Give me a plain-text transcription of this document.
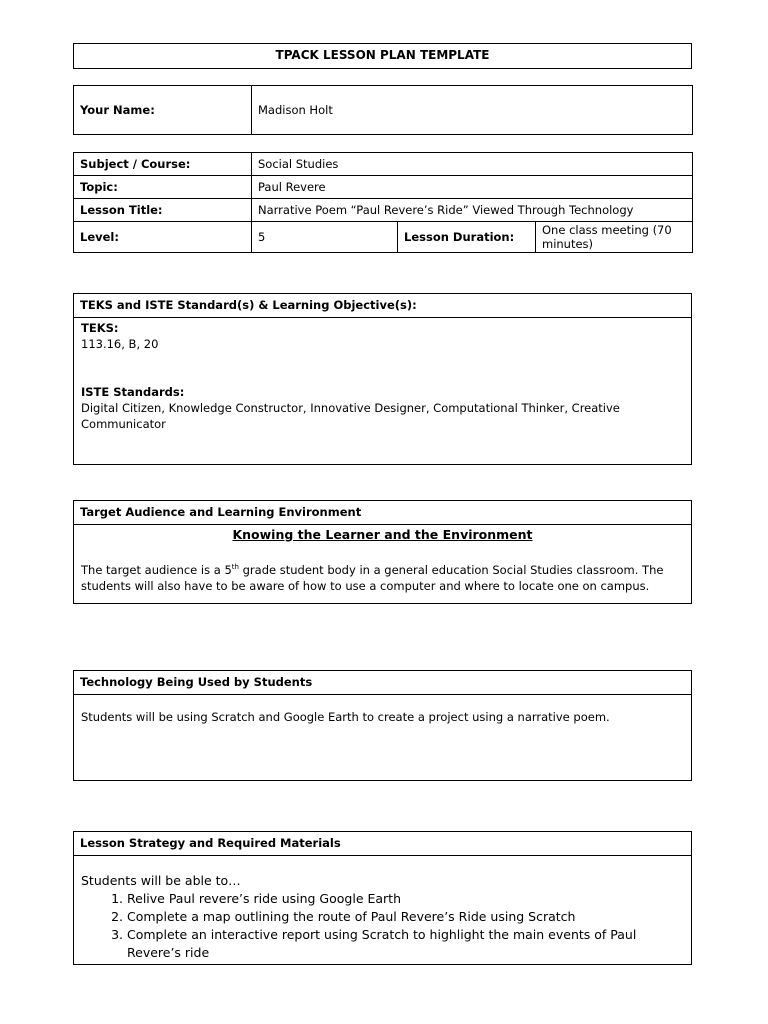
TPACK LESSON PLAN TEMPLATE
Your Name:	Madison Holt
Subject / Course:	Social Studies		
Topic:	Paul Revere		
Lesson Title:	Narrative Poem “Paul Revere’s Ride” Viewed Through Technology		
Level:	5	Lesson Duration:	One class meeting (70 minutes)
TEKS and ISTE Standard(s) & Learning Objective(s):
TEKS:
113.16, B, 20
ISTE Standards:
Digital Citizen, Knowledge Constructor, Innovative Designer, Computational Thinker, Creative Communicator
Target Audience and Learning Environment
Knowing the Learner and the Environment
The target audience is a 5th grade student body in a general education Social Studies classroom. The students will also have to be aware of how to use a computer and where to locate one on campus.
Technology Being Used by Students
Students will be using Scratch and Google Earth to create a project using a narrative poem.
Lesson Strategy and Required Materials
Students will be able to…
1. Relive Paul revere’s ride using Google Earth
2. Complete a map outlining the route of Paul Revere’s Ride using Scratch
3. Complete an interactive report using Scratch to highlight the main events of Paul Revere’s ride
